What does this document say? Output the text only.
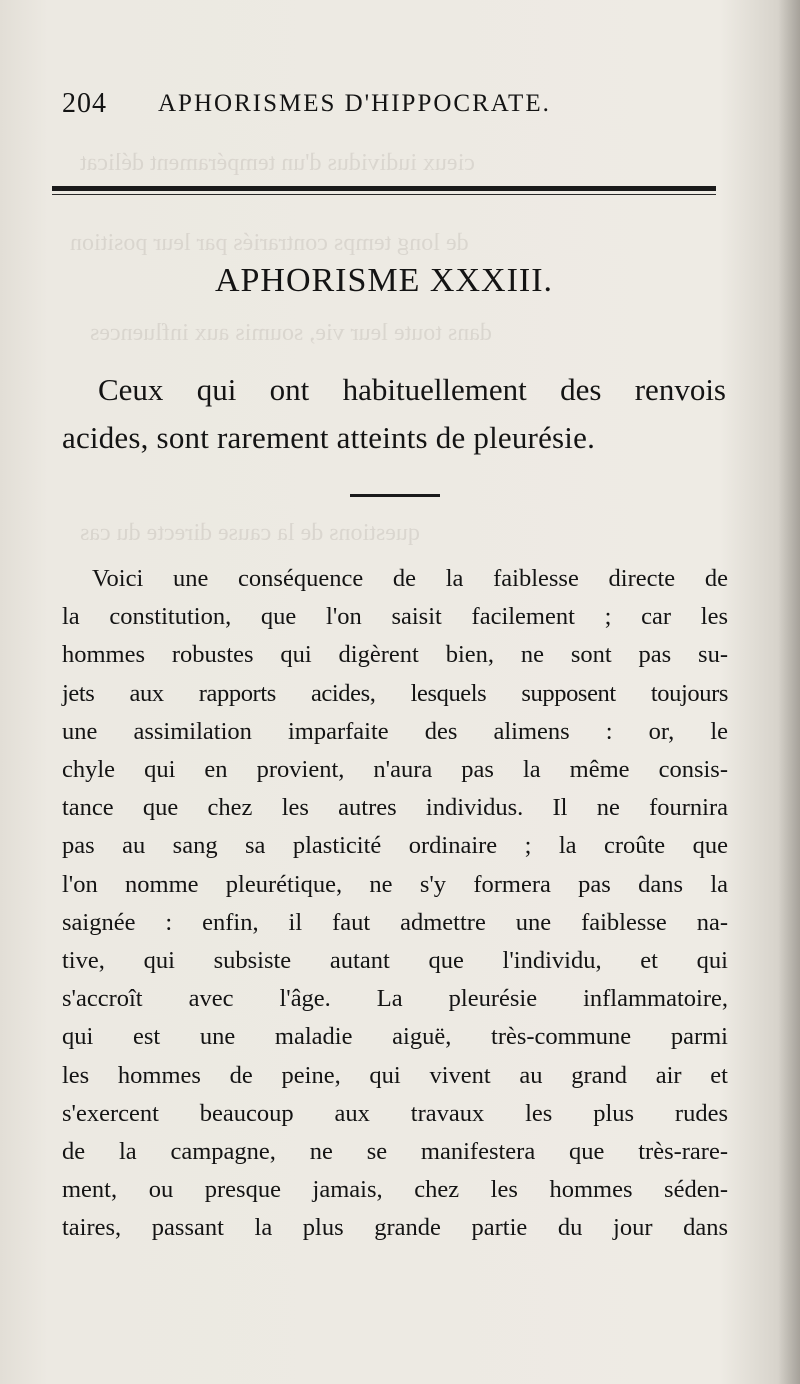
cieux iudividus d'un tempérament délicat
de long temps contrariés par leur position
dans toute leur vie, soumis aux influences
questions de la cause directe du cas
204 APHORISMES D'HIPPOCRATE.
APHORISME XXXIII.
Ceux qui ont habituellement des renvois
acides, sont rarement atteints de pleurésie.
Voici une conséquence de la faiblesse directe de
la constitution, que l'on saisit facilement ; car les
hommes robustes qui digèrent bien, ne sont pas su-
jets aux rapports acides, lesquels supposent toujours
une assimilation imparfaite des alimens : or, le
chyle qui en provient, n'aura pas la même consis-
tance que chez les autres individus. Il ne fournira
pas au sang sa plasticité ordinaire ; la croûte que
l'on nomme pleurétique, ne s'y formera pas dans la
saignée : enfin, il faut admettre une faiblesse na-
tive, qui subsiste autant que l'individu, et qui
s'accroît avec l'âge. La pleurésie inflammatoire,
qui est une maladie aiguë, très-commune parmi
les hommes de peine, qui vivent au grand air et
s'exercent beaucoup aux travaux les plus rudes
de la campagne, ne se manifestera que très-rare-
ment, ou presque jamais, chez les hommes séden-
taires, passant la plus grande partie du jour dans
